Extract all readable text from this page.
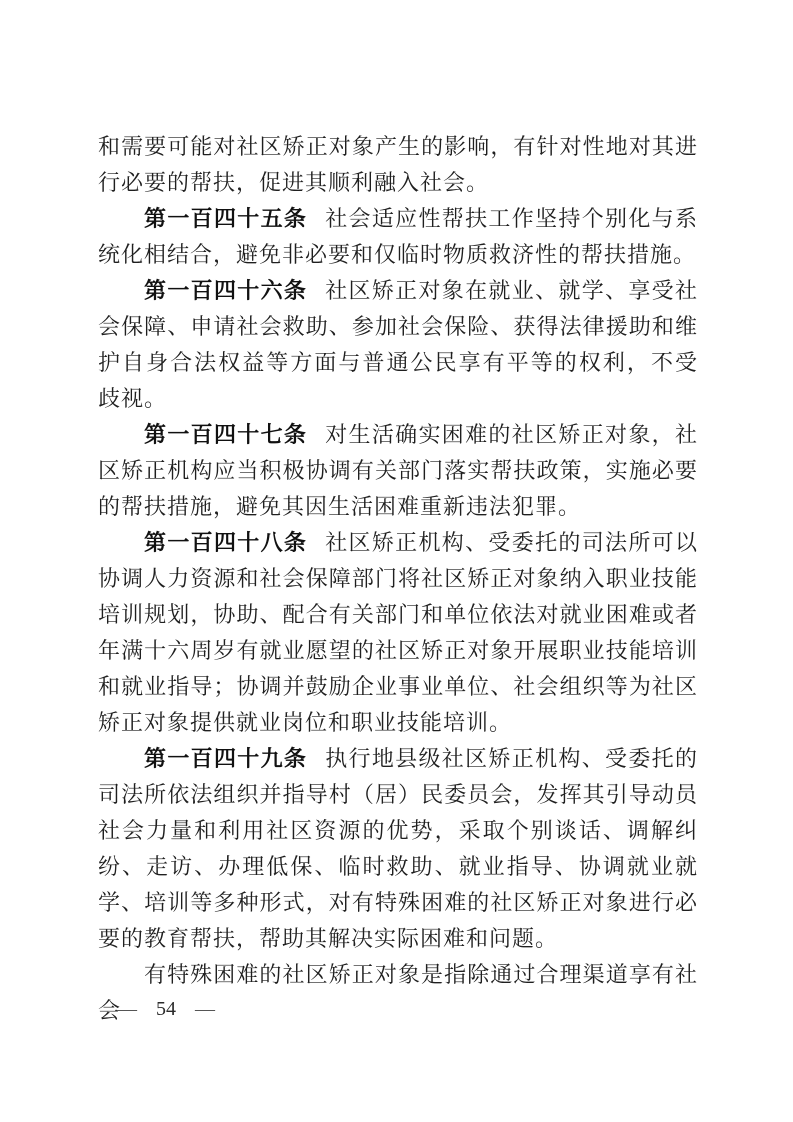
和需要可能对社区矫正对象产生的影响，有针对性地对其进
行必要的帮扶，促进其顺利融入社会。
第一百四十五条 社会适应性帮扶工作坚持个别化与系
统化相结合，避免非必要和仅临时物质救济性的帮扶措施。
第一百四十六条 社区矫正对象在就业、就学、享受社
会保障、申请社会救助、参加社会保险、获得法律援助和维
护自身合法权益等方面与普通公民享有平等的权利，不受
歧视。
第一百四十七条 对生活确实困难的社区矫正对象，社
区矫正机构应当积极协调有关部门落实帮扶政策，实施必要
的帮扶措施，避免其因生活困难重新违法犯罪。
第一百四十八条 社区矫正机构、受委托的司法所可以
协调人力资源和社会保障部门将社区矫正对象纳入职业技能
培训规划，协助、配合有关部门和单位依法对就业困难或者
年满十六周岁有就业愿望的社区矫正对象开展职业技能培训
和就业指导；协调并鼓励企业事业单位、社会组织等为社区
矫正对象提供就业岗位和职业技能培训。
第一百四十九条 执行地县级社区矫正机构、受委托的
司法所依法组织并指导村（居）民委员会，发挥其引导动员
社会力量和利用社区资源的优势，采取个别谈话、调解纠
纷、走访、办理低保、临时救助、就业指导、协调就业就
学、培训等多种形式，对有特殊困难的社区矫正对象进行必
要的教育帮扶，帮助其解决实际困难和问题。
有特殊困难的社区矫正对象是指除通过合理渠道享有社会
— 54 —
